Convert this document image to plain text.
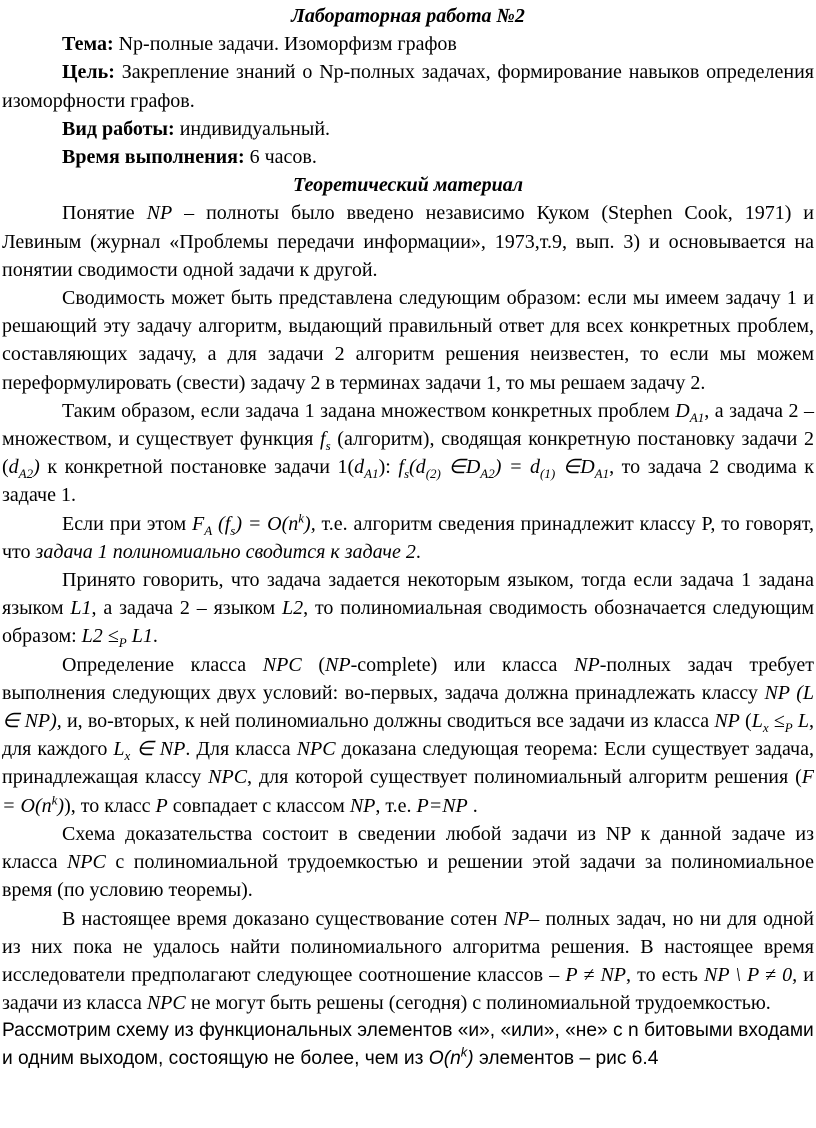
Лабораторная работа №2

Тема: Np-полные задачи. Изоморфизм графов

Цель: Закрепление знаний о Np-полных задачах, формирование навыков определения изоморфности графов.

Вид работы: индивидуальный.

Время выполнения: 6 часов.

Теоретический материал

Понятие NP – полноты было введено независимо Куком (Stephen Cook, 1971) и Левиным (журнал «Проблемы передачи информации», 1973,т.9, вып. 3) и основывается на понятии сводимости одной задачи к другой.

Сводимость может быть представлена следующим образом: если мы имеем задачу 1 и решающий эту задачу алгоритм, выдающий правильный ответ для всех конкретных проблем, составляющих задачу, а для задачи 2 алгоритм решения неизвестен, то если мы можем переформулировать (свести) задачу 2 в терминах задачи 1, то мы решаем задачу 2.

Таким образом, если задача 1 задана множеством конкретных проблем $D_{A1}$, а задача 2 – множеством, и существует функция $f_s$ (алгоритм), сводящая конкретную постановку задачи 2 $(d_{A2})$ к конкретной постановке задачи $1(d_{A1})$: $f_s(d_{(2)}$ $\in D_{A2}) = d_{(1)}$ $\in D_{A1}$, то задача 2 сводима к задаче 1.

Если при этом $F_A$ $(f_s) = O(n^k)$, т.е. алгоритм сведения принадлежит классу P, то говорят, что задача 1 полиномиально сводится к задаче 2.

Принято говорить, что задача задается некоторым языком, тогда если задача 1 задана языком L1, а задача 2 – языком L2, то полиномиальная сводимость обозначается следующим образом: $L2 \le_P$ L1.

Определение класса NPC (NP-complete) или класса NP-полных задач требует выполнения следующих двух условий: во-первых, задача должна принадлежать классу NP (L ∈ NP), и, во-вторых, к ней полиномиально должны сводиться все задачи из класса NP ($L_x \le_P$ L, для каждого $L_x$ ∈ NP. Для класса NPC доказана следующая теорема: Если существует задача, принадлежащая классу NPC, для которой существует полиномиальный алгоритм решения $(F = O(n^k))$, то класс P совпадает с классом NP, т.е. P=NP .

Схема доказательства состоит в сведении любой задачи из NP к данной задаче из класса NPC с полиномиальной трудоемкостью и решении этой задачи за полиномиальное время (по условию теоремы).

В настоящее время доказано существование сотен NP– полных задач, но ни для одной из них пока не удалось найти полиномиального алгоритма решения. В настоящее время исследователи предполагают следующее соотношение классов – P ≠ NP, то есть NP \ P ≠ 0, и задачи из класса NPC не могут быть решены (сегодня) с полиномиальной трудоемкостью.

Рассмотрим схему из функциональных элементов «и», «или», «не» с n битовыми входами и одним выходом, состоящую не более, чем из $O(n^k)$ элементов – рис 6.4
